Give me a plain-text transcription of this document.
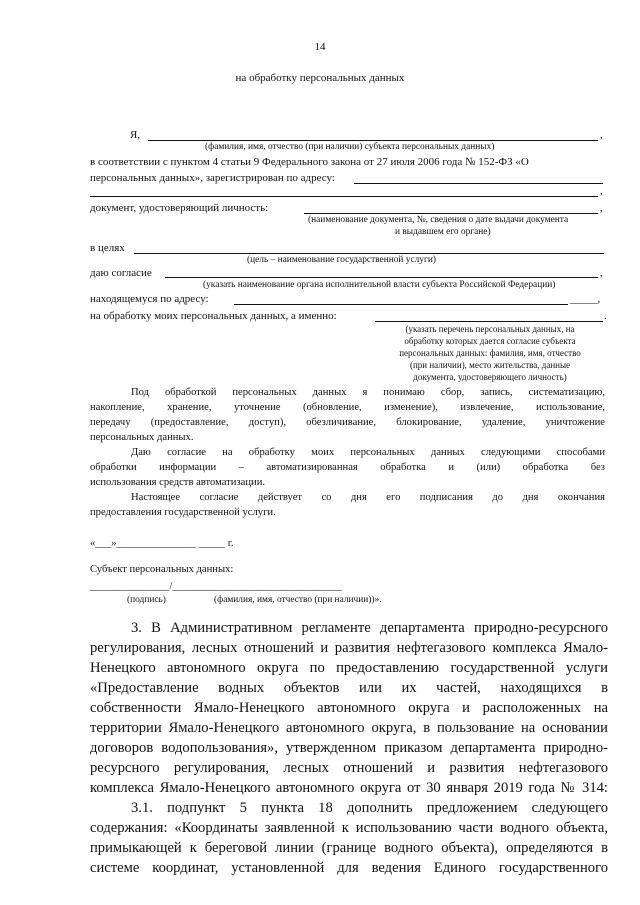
14
на обработку персональных данных
Я,	,
(фамилия, имя, отчество (при наличии) субъекта персональных данных)
в соответствии с пунктом 4 статьи 9 Федерального закона от 27 июля 2006 года № 152-ФЗ «О
персональных данных», зарегистрирован по адресу:
,
документ, удостоверяющий личность:	,
(наименование документа, №, сведения о дате выдачи документа
и выдавшем его органе)
в целях
(цель – наименование государственной услуги)
даю согласие	,
(указать наименование органа исполнительной власти субъекта Российской Федерации)
находящемуся по адресу:	_____,
на обработку моих персональных данных, а именно:	.
(указать перечень персональных данных, на
обработку которых дается согласие субъекта
персональных данных: фамилия, имя, отчество
(при наличии), место жительства, данные
документа, удостоверяющего личность)
Под обработкой персональных данных я понимаю сбор, запись, систематизацию,
накопление, хранение, уточнение (обновление, изменение), извлечение, использование,
передачу (предоставление, доступ), обезличивание, блокирование, удаление, уничтожение
персональных данных.
Даю согласие на обработку моих персональных данных следующими способами
обработки информации – автоматизированная обработка и (или) обработка без
использования средств автоматизации.
Настоящее согласие действует со дня его подписания до дня окончания
предоставления государственной услуги.
«___»_______________ _____ г.
Субъект персональных данных:
_______________/________________________________
(подпись)	(фамилия, имя, отчество (при наличии))».
3. В Административном регламенте департамента природно-ресурсного
регулирования, лесных отношений и развития нефтегазового комплекса Ямало-
Ненецкого автономного округа по предоставлению государственной услуги
«Предоставление водных объектов или их частей, находящихся в
собственности Ямало-Ненецкого автономного округа и расположенных на
территории Ямало-Ненецкого автономного округа, в пользование на основании
договоров водопользования», утвержденном приказом департамента природно-
ресурсного регулирования, лесных отношений и развития нефтегазового
комплекса Ямало-Ненецкого автономного округа от 30 января 2019 года № 314:
3.1. подпункт 5 пункта 18 дополнить предложением следующего
содержания: «Координаты заявленной к использованию части водного объекта,
примыкающей к береговой линии (границе водного объекта), определяются в
системе координат, установленной для ведения Единого государственного
